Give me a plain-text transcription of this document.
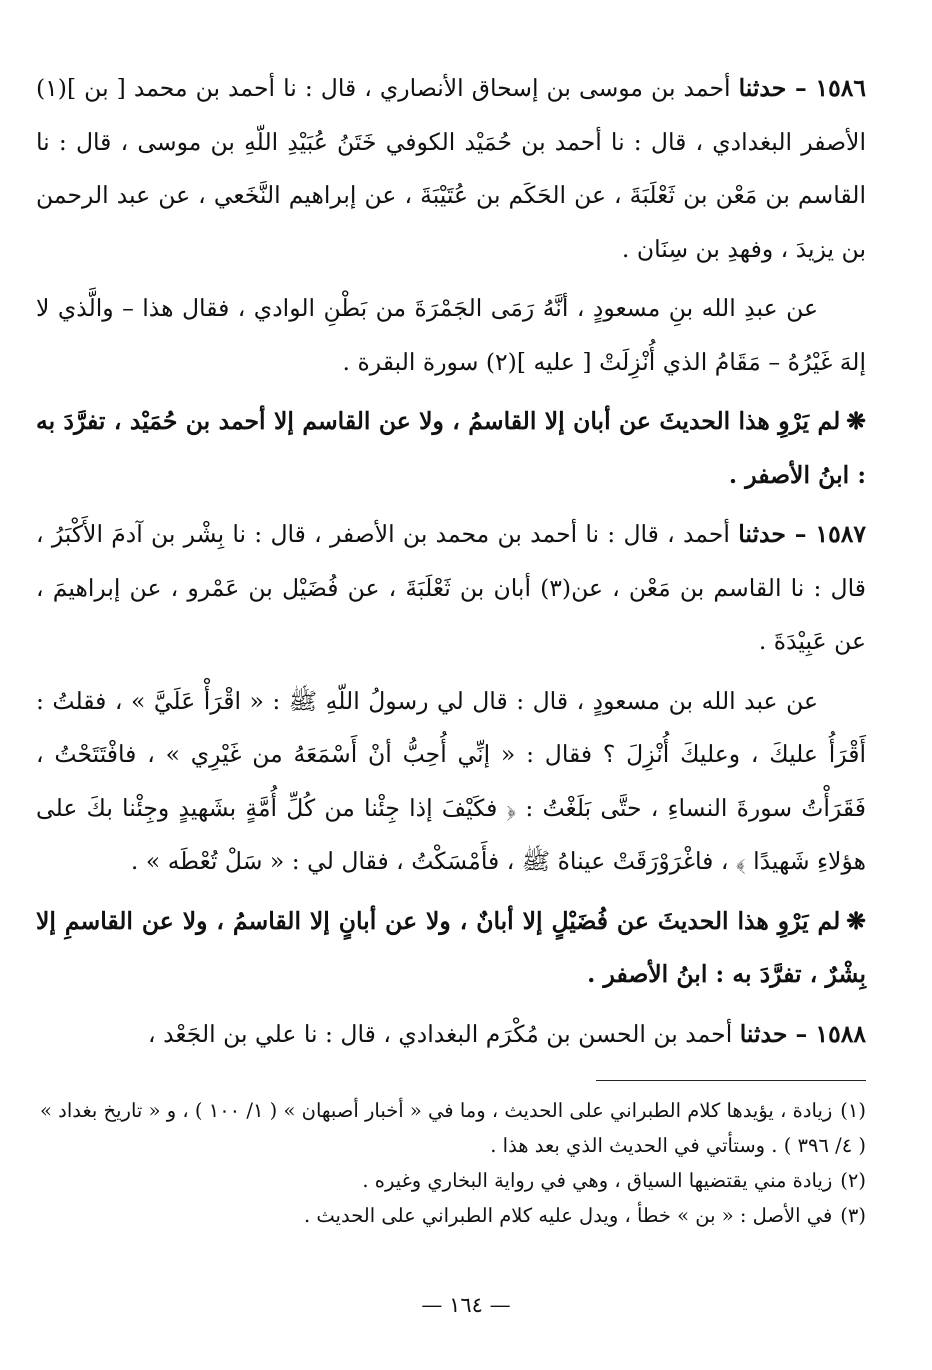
١٥٨٦ – حدثنا أحمد بن موسى بن إسحاق الأنصاري ، قال : نا أحمد بن محمد [ بن ](١) الأصفر البغدادي ، قال : نا أحمد بن حُمَيْد الكوفي خَتَنُ عُبَيْدِ اللّهِ بن موسى ، قال : نا القاسم بن مَعْن بن ثَعْلَبَةَ ، عن الحَكَم بن عُتَيْبَةَ ، عن إبراهيم النَّخَعي ، عن عبد الرحمن بن يزيدَ ، وفهدِ بن سِنَان .

عن عبدِ الله بنِ مسعودٍ ، أنَّهُ رَمَى الجَمْرَةَ من بَطْنِ الوادي ، فقال هذا – والَّذي لا إلهَ غَيْرُهُ – مَقَامُ الذي أُنْزِلَتْ [ عليه ](٢) سورة البقرة .

❋لم يَرْوِ هذا الحديثَ عن أبان إلا القاسمُ ، ولا عن القاسم إلا أحمد بن حُمَيْد ، تفرَّدَ به : ابنُ الأصفر .

١٥٨٧ – حدثنا أحمد ، قال : نا أحمد بن محمد بن الأصفر ، قال : نا بِشْر بن آدمَ الأَكْبَرُ ، قال : نا القاسم بن مَعْن ، عن(٣) أبان بن ثَعْلَبَةَ ، عن فُضَيْل بن عَمْرو ، عن إبراهيمَ ، عن عَبِيْدَةَ .

عن عبد الله بن مسعودٍ ، قال : قال لي رسولُ اللّهِ ﷺ : « اقْرَأْ عَلَيَّ » ، فقلتُ : أَقْرَأُ عليكَ ، وعليكَ أُنْزِلَ ؟ فقال : « إنِّي أُحِبُّ أنْ أَسْمَعَهُ من غَيْرِي » ، فافْتَتَحْتُ ، فَقَرَأْتُ سورةَ النساءِ ، حتَّى بَلَغْتُ : ﴿ فكَيْفَ إذا جِئْنا من كُلِّ أُمَّةٍ بشَهيدٍ وجِئْنا بكَ على هؤلاءِ شَهيدًا ﴾ ، فاغْرَوْرَقَتْ عيناهُ ﷺ ، فأَمْسَكْتُ ، فقال لي : « سَلْ تُعْطَه » .

❋لم يَرْوِ هذا الحديثَ عن فُضَيْلٍ إلا أبانٌ ، ولا عن أبانٍ إلا القاسمُ ، ولا عن القاسمِ إلا بِشْرٌ ، تفرَّدَ به : ابنُ الأصفر .

١٥٨٨ – حدثنا أحمد بن الحسن بن مُكْرَم البغدادي ، قال : نا علي بن الجَعْد ،

(١)زيادة ، يؤيدها كلام الطبراني على الحديث ، وما في « أخبار أصبهان » ( ١/ ١٠٠ ) ، و « تاريخ بغداد » ( ٤/ ٣٩٦ ) . وستأتي في الحديث الذي بعد هذا .

(٢)زيادة مني يقتضيها السياق ، وهي في رواية البخاري وغيره .

(٣)في الأصل : « بن » خطأ ، ويدل عليه كلام الطبراني على الحديث .

— ١٦٤ —
